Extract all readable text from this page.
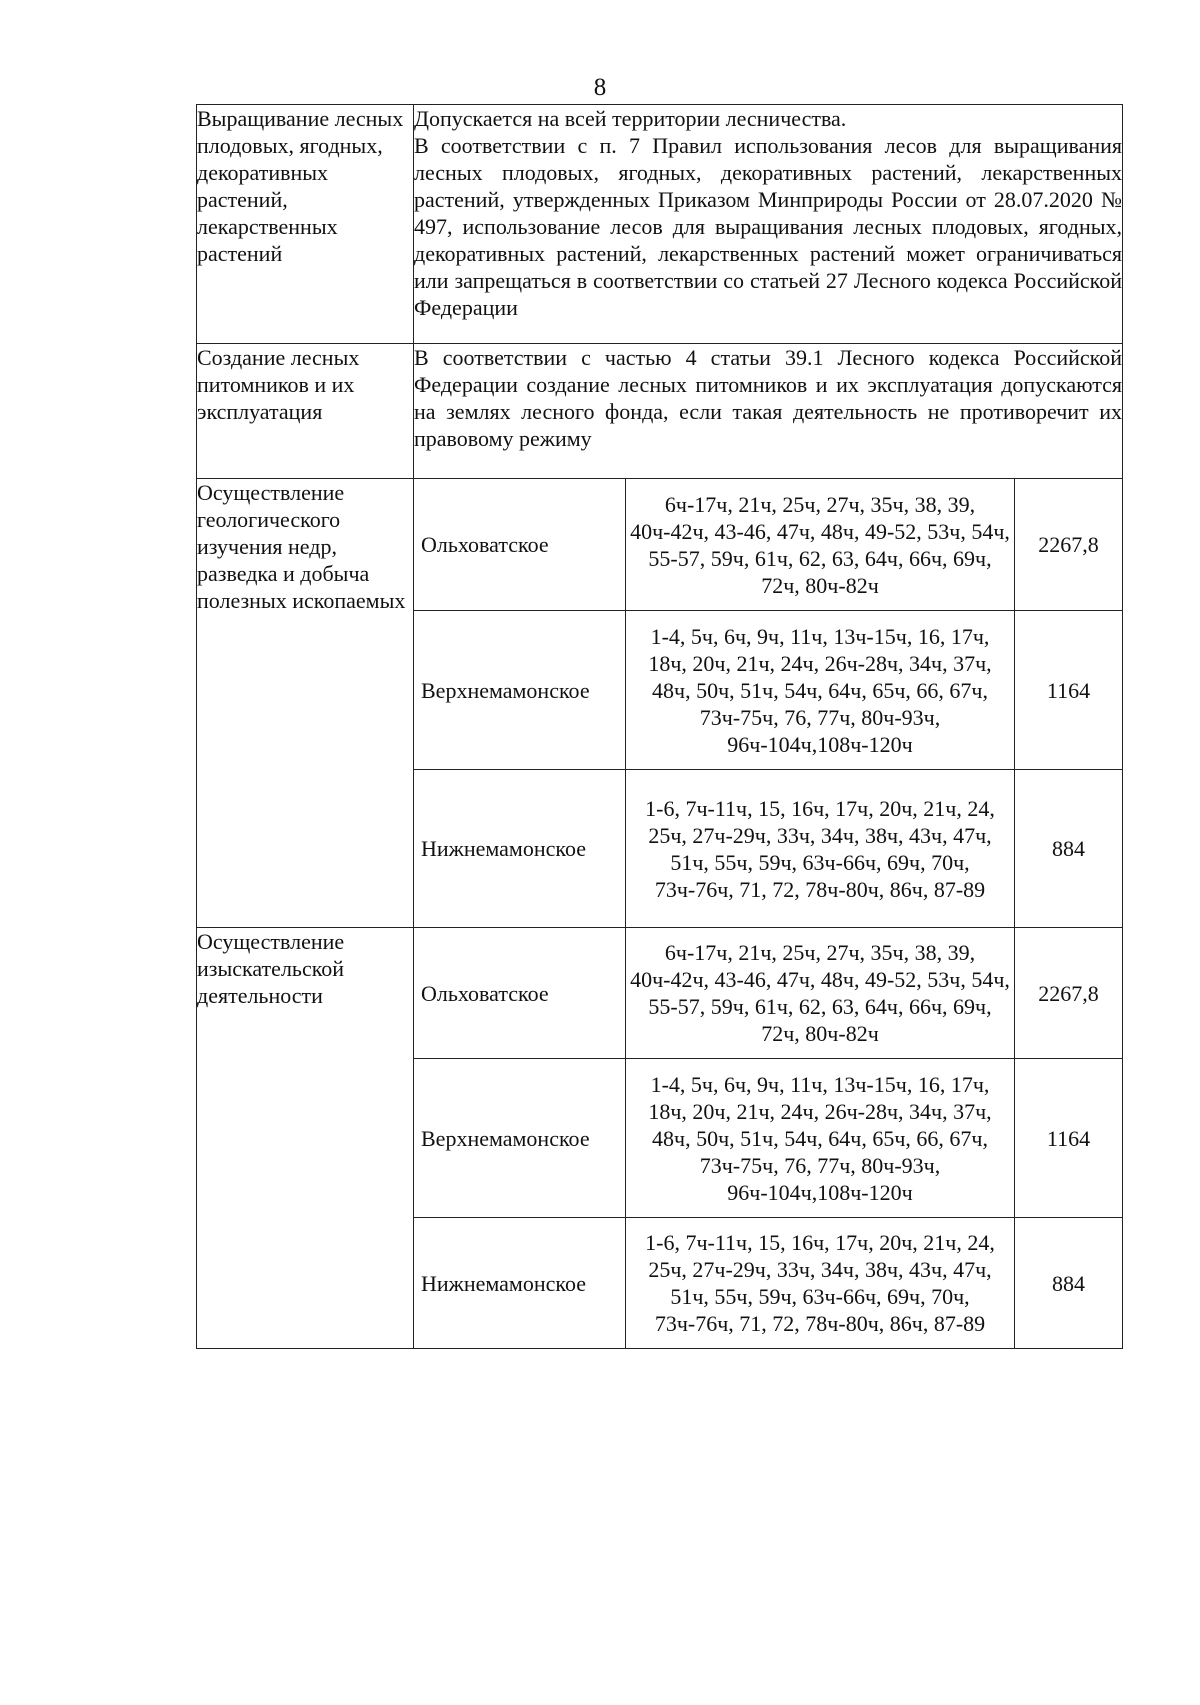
8
Выращивание лесных плодовых, ягодных, декоративных растений, лекарственных растений	Допускается на всей территории лесничества.
В соответствии с п. 7 Правил использования лесов для выращивания лесных плодовых, ягодных, декоративных растений, лекарственных растений, утвержденных Приказом Минприроды России от 28.07.2020 № 497, использование лесов для выращивания лесных плодовых, ягодных, декоративных растений, лекарственных растений может ограничиваться или запрещаться в соответствии со статьей 27 Лесного кодекса Российской Федерации		

Создание лесных питомников и их эксплуатация	В соответствии с частью 4 статьи 39.1 Лесного кодекса Российской Федерации создание лесных питомников и их эксплуатация допускаются на землях лесного фонда, если такая деятельность не противоречит их правовому режиму		

Осуществление геологического изучения недр, разведка и добыча полезных ископаемых	Ольховатское	6ч-17ч, 21ч, 25ч, 27ч, 35ч, 38, 39, 40ч-42ч, 43-46, 47ч, 48ч, 49-52, 53ч, 54ч, 55-57, 59ч, 61ч, 62, 63, 64ч, 66ч, 69ч, 72ч, 80ч-82ч	2267,8
	Верхнемамонское	1-4, 5ч, 6ч, 9ч, 11ч, 13ч-15ч, 16, 17ч, 18ч, 20ч, 21ч, 24ч, 26ч-28ч, 34ч, 37ч, 48ч, 50ч, 51ч, 54ч, 64ч, 65ч, 66, 67ч, 73ч-75ч, 76, 77ч, 80ч-93ч, 96ч-104ч,108ч-120ч	1164
	Нижнемамонское	1-6, 7ч-11ч, 15, 16ч, 17ч, 20ч, 21ч, 24, 25ч, 27ч-29ч, 33ч, 34ч, 38ч, 43ч, 47ч, 51ч, 55ч, 59ч, 63ч-66ч, 69ч, 70ч, 73ч-76ч, 71, 72, 78ч-80ч, 86ч, 87-89	884
Осуществление изыскательской деятельности	Ольховатское	6ч-17ч, 21ч, 25ч, 27ч, 35ч, 38, 39, 40ч-42ч, 43-46, 47ч, 48ч, 49-52, 53ч, 54ч, 55-57, 59ч, 61ч, 62, 63, 64ч, 66ч, 69ч, 72ч, 80ч-82ч	2267,8
	Верхнемамонское	1-4, 5ч, 6ч, 9ч, 11ч, 13ч-15ч, 16, 17ч, 18ч, 20ч, 21ч, 24ч, 26ч-28ч, 34ч, 37ч, 48ч, 50ч, 51ч, 54ч, 64ч, 65ч, 66, 67ч, 73ч-75ч, 76, 77ч, 80ч-93ч, 96ч-104ч,108ч-120ч	1164
	Нижнемамонское	1-6, 7ч-11ч, 15, 16ч, 17ч, 20ч, 21ч, 24, 25ч, 27ч-29ч, 33ч, 34ч, 38ч, 43ч, 47ч, 51ч, 55ч, 59ч, 63ч-66ч, 69ч, 70ч, 73ч-76ч, 71, 72, 78ч-80ч, 86ч, 87-89	884
